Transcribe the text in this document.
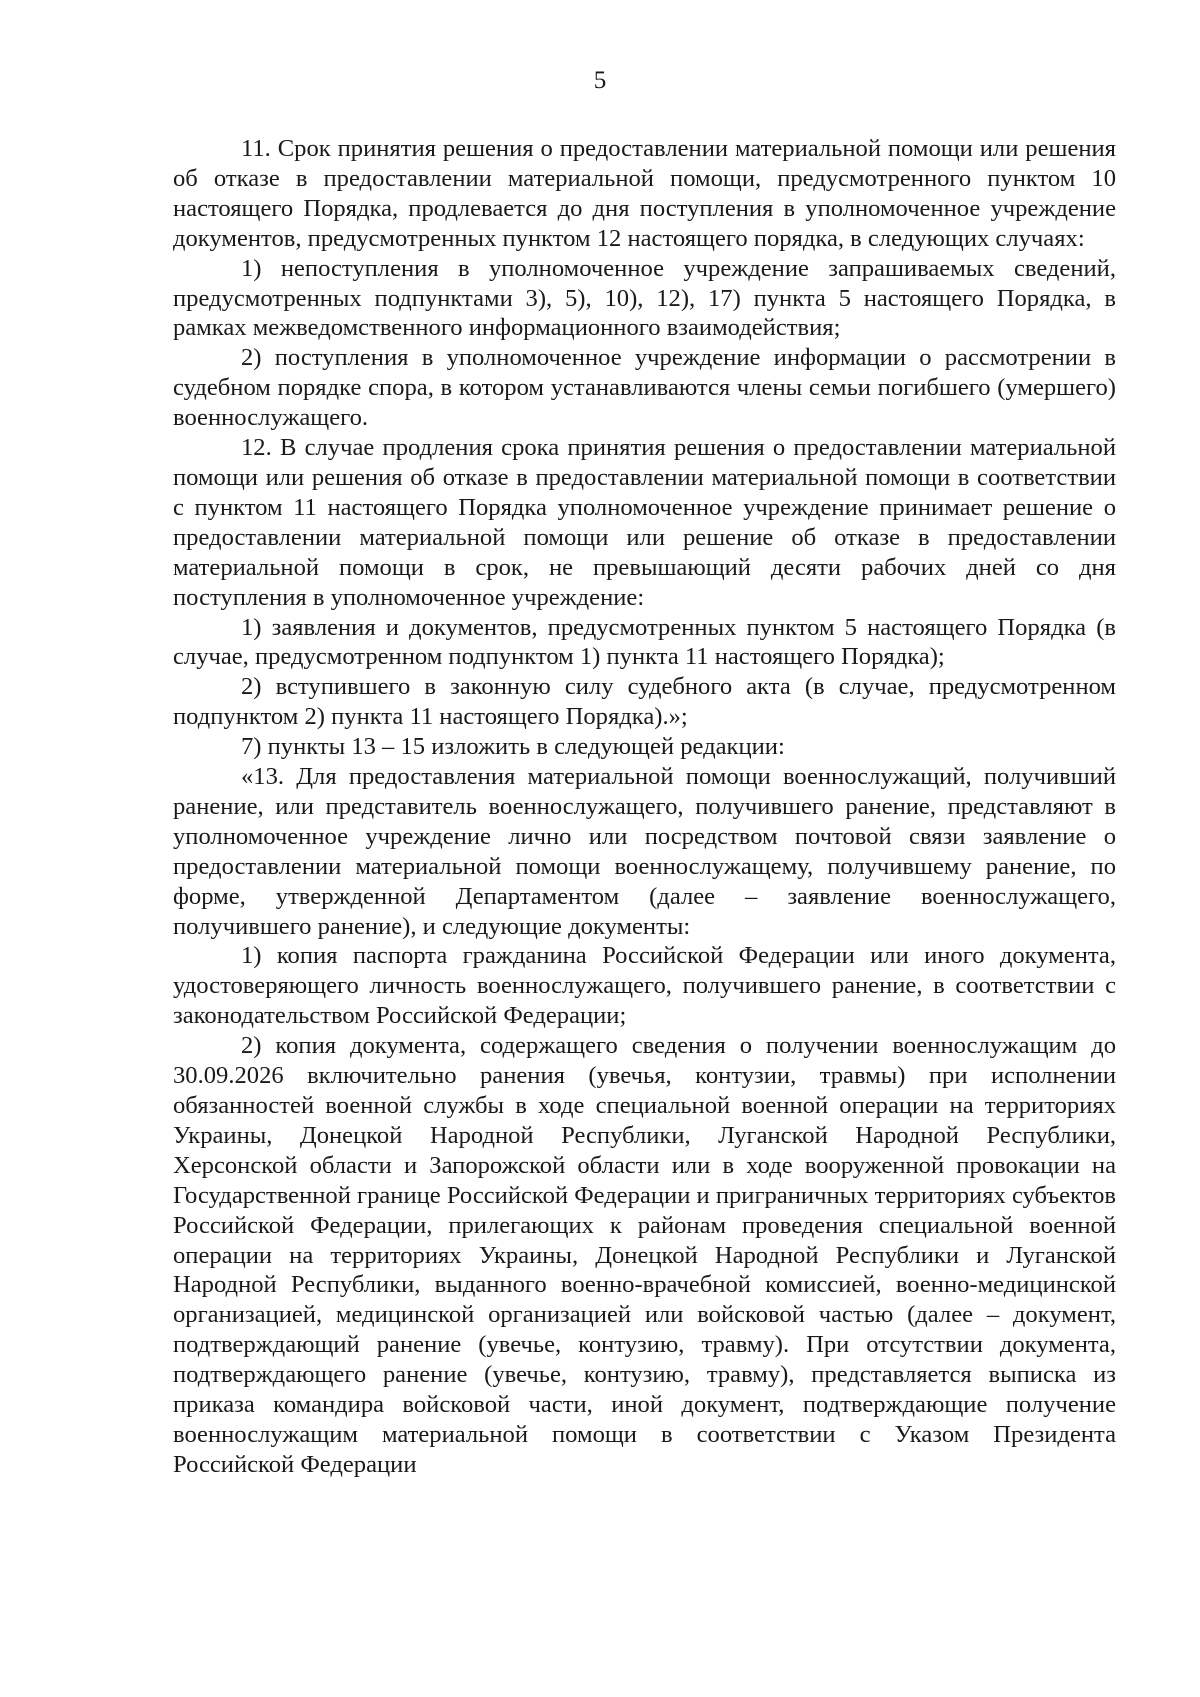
5

11. Срок принятия решения о предоставлении материальной помощи или решения об отказе в предоставлении материальной помощи, предусмотренного пунктом 10 настоящего Порядка, продлевается до дня поступления в уполномоченное учреждение документов, предусмотренных пунктом 12 настоящего порядка, в следующих случаях:

1) непоступления в уполномоченное учреждение запрашиваемых сведений, предусмотренных подпунктами 3), 5), 10), 12), 17) пункта 5 настоящего Порядка, в рамках межведомственного информационного взаимодействия;

2) поступления в уполномоченное учреждение информации о рассмотрении в судебном порядке спора, в котором устанавливаются члены семьи погибшего (умершего) военнослужащего.

12. В случае продления срока принятия решения о предоставлении материальной помощи или решения об отказе в предоставлении материальной помощи в соответствии с пунктом 11 настоящего Порядка уполномоченное учреждение принимает решение о предоставлении материальной помощи или решение об отказе в предоставлении материальной помощи в срок, не превышающий десяти рабочих дней со дня поступления в уполномоченное учреждение:

1) заявления и документов, предусмотренных пунктом 5 настоящего Порядка (в случае, предусмотренном подпунктом 1) пункта 11 настоящего Порядка);

2) вступившего в законную силу судебного акта (в случае, предусмотренном подпунктом 2) пункта 11 настоящего Порядка).»;

7) пункты 13 – 15 изложить в следующей редакции:

«13. Для предоставления материальной помощи военнослужащий, получивший ранение, или представитель военнослужащего, получившего ранение, представляют в уполномоченное учреждение лично или посредством почтовой связи заявление о предоставлении материальной помощи военнослужащему, получившему ранение, по форме, утвержденной Департаментом (далее – заявление военнослужащего, получившего ранение), и следующие документы:

1) копия паспорта гражданина Российской Федерации или иного документа, удостоверяющего личность военнослужащего, получившего ранение, в соответствии с законодательством Российской Федерации;

2) копия документа, содержащего сведения о получении военнослужащим до 30.09.2026 включительно ранения (увечья, контузии, травмы) при исполнении обязанностей военной службы в ходе специальной военной операции на территориях Украины, Донецкой Народной Республики, Луганской Народной Республики, Херсонской области и Запорожской области или в ходе вооруженной провокации на Государственной границе Российской Федерации и приграничных территориях субъектов Российской Федерации, прилегающих к районам проведения специальной военной операции на территориях Украины, Донецкой Народной Республики и Луганской Народной Республики, выданного военно-врачебной комиссией, военно-медицинской организацией, медицинской организацией или войсковой частью (далее – документ, подтверждающий ранение (увечье, контузию, травму). При отсутствии документа, подтверждающего ранение (увечье, контузию, травму), представляется выписка из приказа командира войсковой части, иной документ, подтверждающие получение военнослужащим материальной помощи в соответствии с Указом Президента Российской Федерации
